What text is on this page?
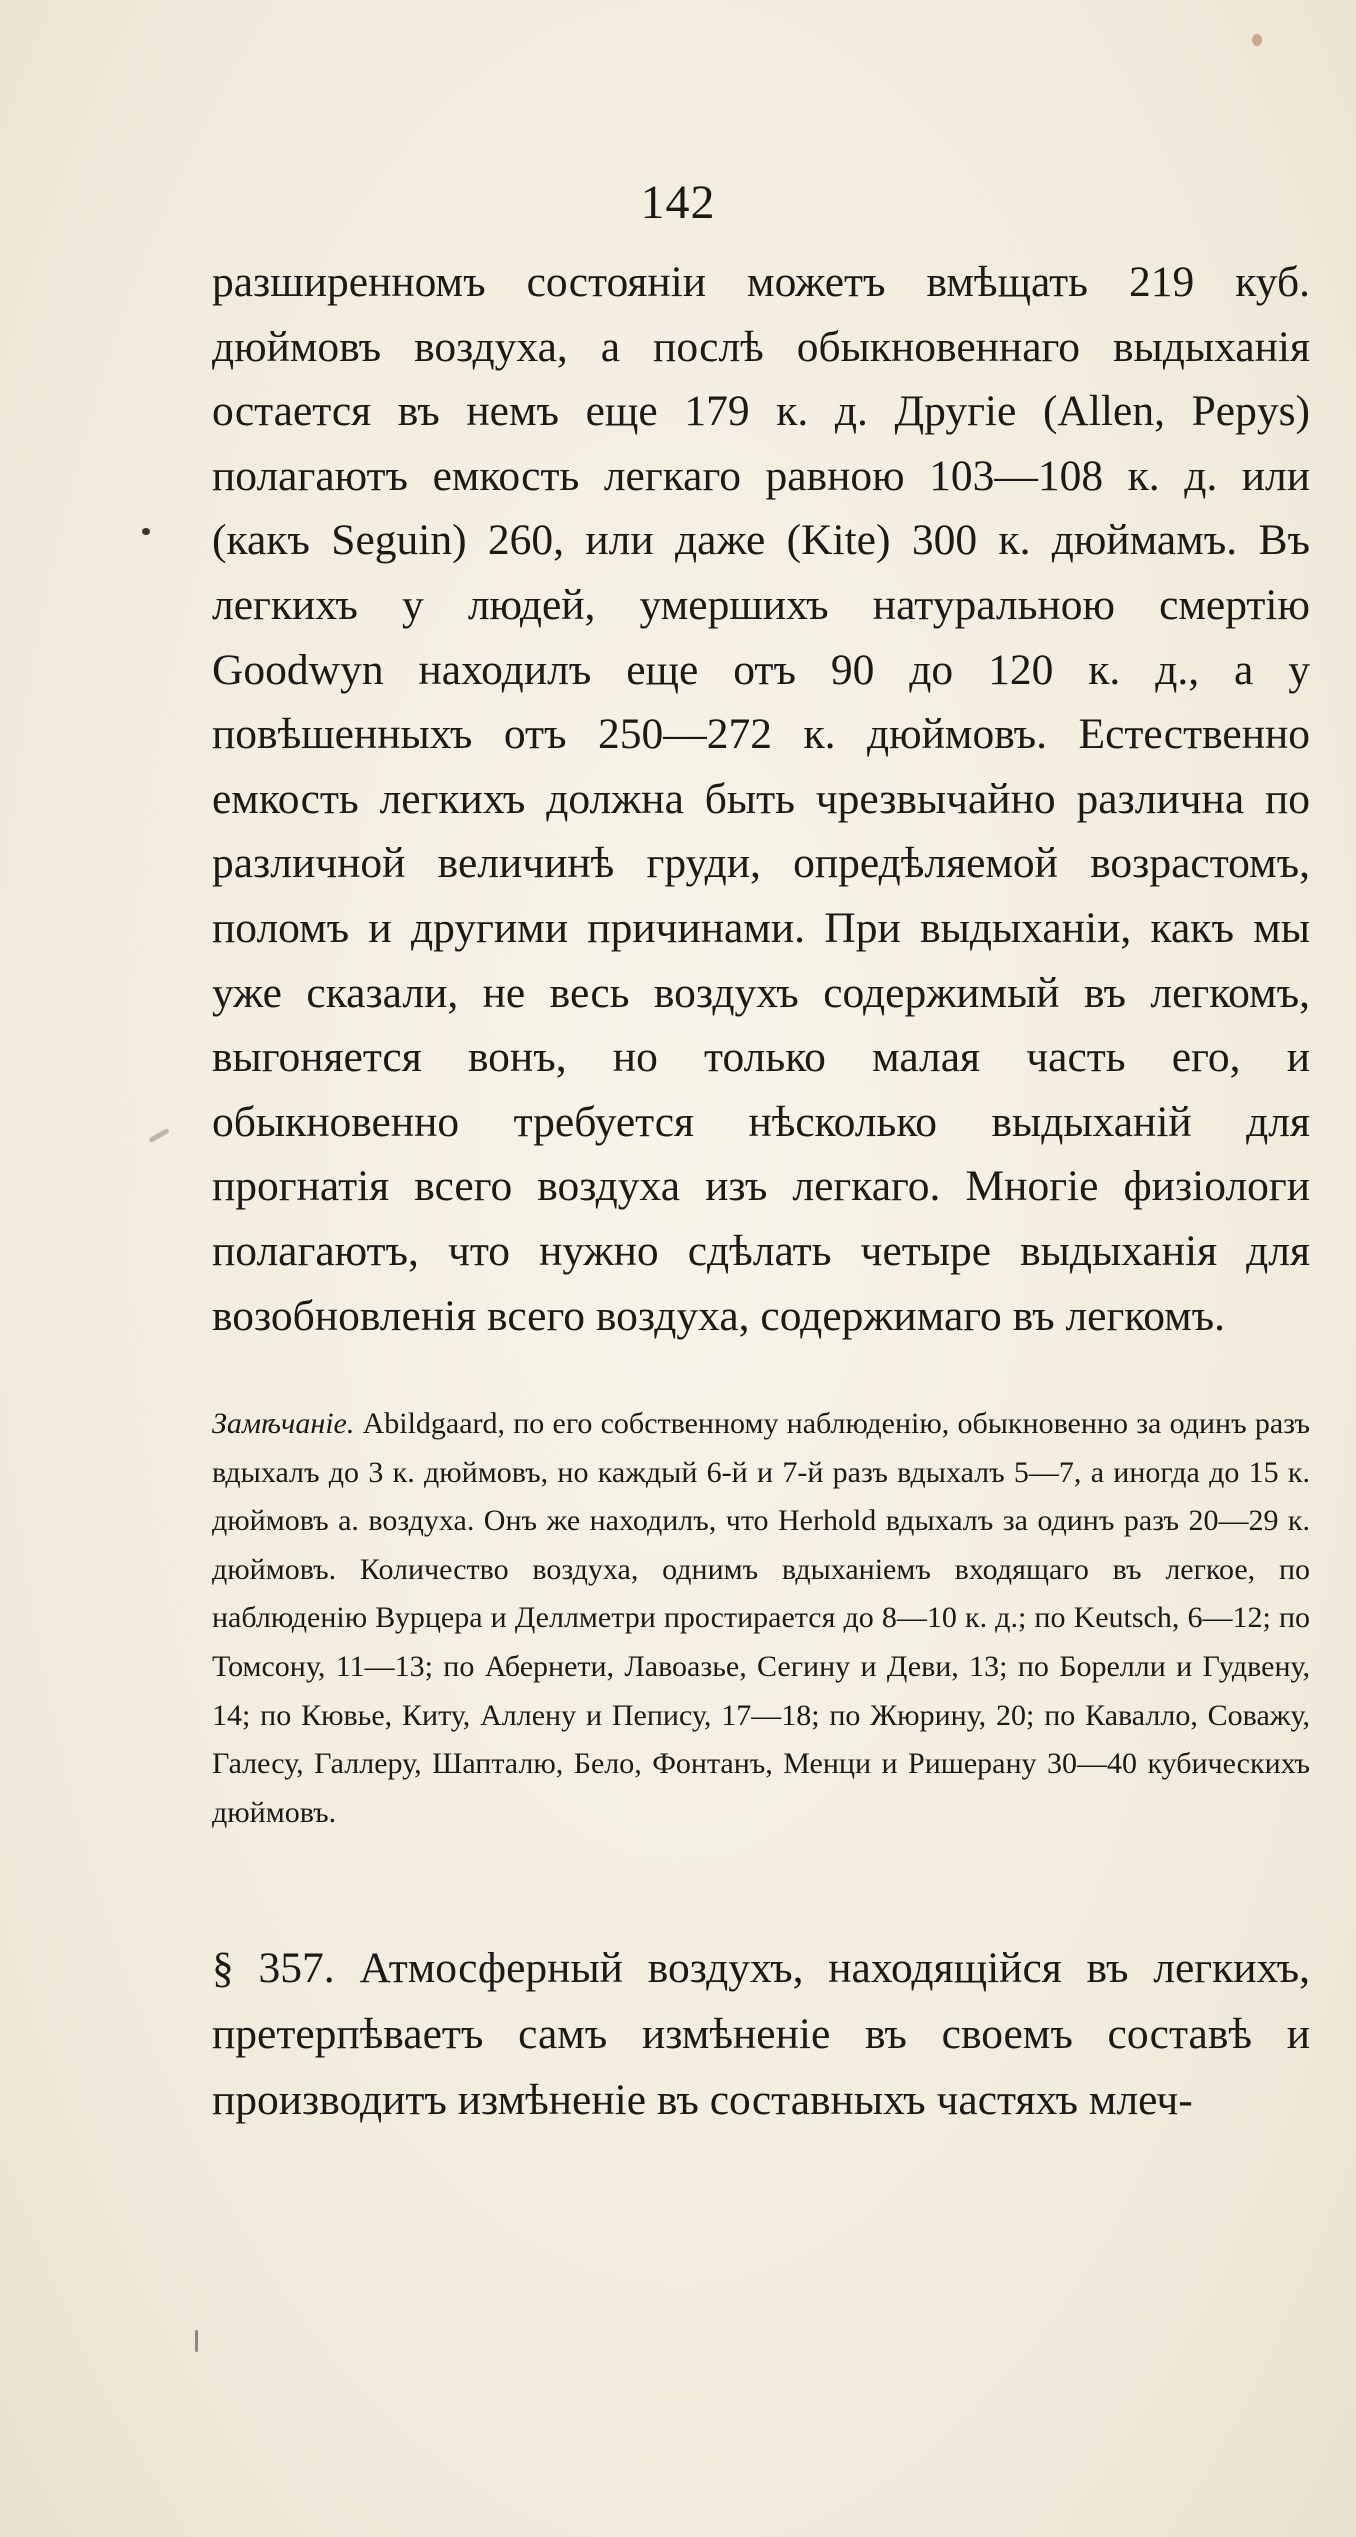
142

разширенномъ состоянiи можетъ вмѣщать 219 куб. дюймовъ воздуха, а послѣ обыкновеннаго выдыханiя остается въ немъ еще 179 к. д. Другiе (Allen, Pepys) полагаютъ емкость легкаго равною 103—108 к. д. или (какъ Seguin) 260, или даже (Kite) 300 к. дюймамъ. Въ легкихъ у людей, умершихъ натуральною смертiю Goodwyn находилъ еще отъ 90 до 120 к. д., а у повѣшенныхъ отъ 250—272 к. дюймовъ. Естественно емкость легкихъ должна быть чрезвычайно различна по различной величинѣ груди, опредѣляемой возрастомъ, поломъ и другими причинами. При выдыханiи, какъ мы уже сказали, не весь воздухъ содержимый въ легкомъ, выгоняется вонъ, но только малая часть его, и обыкновенно требуется нѣсколько выдыханiй для прогнатiя всего воздуха изъ легкаго. Многiе физiологи полагаютъ, что нужно сдѣлать четыре выдыханiя для возобновленiя всего воздуха, содержимаго въ легкомъ.

Замѣчанiе. Abildgaard, по его собственному наблюденiю, обыкновенно за одинъ разъ вдыхалъ до 3 к. дюймовъ, но каждый 6-й и 7-й разъ вдыхалъ 5—7, а иногда до 15 к. дюймовъ а. воздуха. Онъ же находилъ, что Herhold вдыхалъ за одинъ разъ 20—29 к. дюймовъ. Количество воздуха, однимъ вдыханiемъ входящаго въ легкое, по наблюденiю Вурцера и Деллметри простирается до 8—10 к. д.; по Keutsch, 6—12; по Томсону, 11—13; по Абернети, Лавоазье, Сегину и Деви, 13; по Борелли и Гудвену, 14; по Кювье, Киту, Аллену и Пепису, 17—18; по Жюрину, 20; по Кавалло, Соважу, Галесу, Галлеру, Шапталю, Бело, Фонтанъ, Менци и Ришерану 30—40 кубическихъ дюймовъ.

§ 357. Атмосферный воздухъ, находящiйся въ легкихъ, претерпѣваетъ самъ измѣненiе въ своемъ составѣ и производитъ измѣненiе въ составныхъ частяхъ млеч-
